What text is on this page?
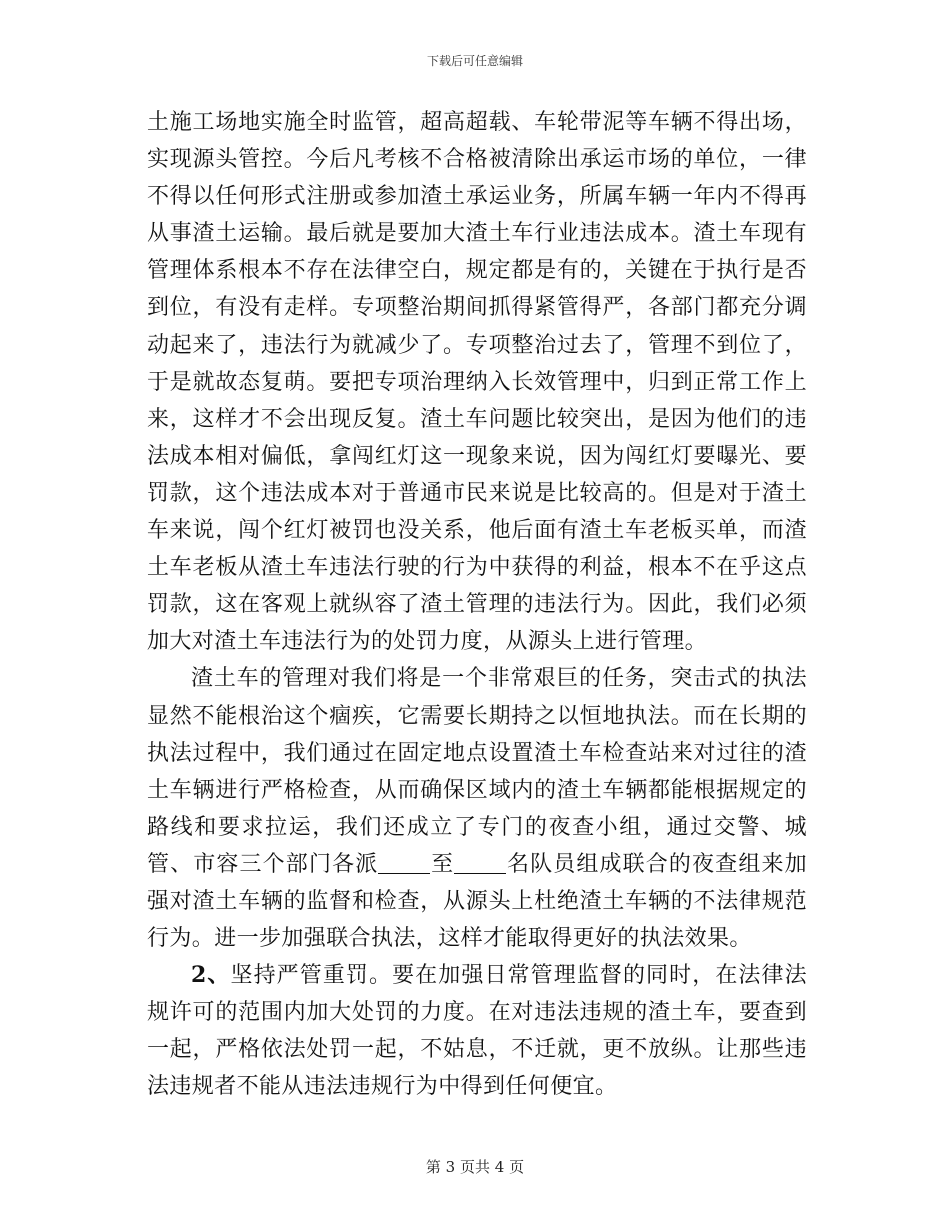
下载后可任意编辑

土施工场地实施全时监管，超高超载、车轮带泥等车辆不得出场，实现源头管控。今后凡考核不合格被清除出承运市场的单位，一律不得以任何形式注册或参加渣土承运业务，所属车辆一年内不得再从事渣土运输。最后就是要加大渣土车行业违法成本。渣土车现有管理体系根本不存在法律空白，规定都是有的，关键在于执行是否到位，有没有走样。专项整治期间抓得紧管得严，各部门都充分调动起来了，违法行为就减少了。专项整治过去了，管理不到位了，于是就故态复萌。要把专项治理纳入长效管理中，归到正常工作上来，这样才不会出现反复。渣土车问题比较突出，是因为他们的违法成本相对偏低，拿闯红灯这一现象来说，因为闯红灯要曝光、要罚款，这个违法成本对于普通市民来说是比较高的。但是对于渣土车来说，闯个红灯被罚也没关系，他后面有渣土车老板买单，而渣土车老板从渣土车违法行驶的行为中获得的利益，根本不在乎这点罚款，这在客观上就纵容了渣土管理的违法行为。因此，我们必须加大对渣土车违法行为的处罚力度，从源头上进行管理。

渣土车的管理对我们将是一个非常艰巨的任务，突击式的执法显然不能根治这个痼疾，它需要长期持之以恒地执法。而在长期的执法过程中，我们通过在固定地点设置渣土车检查站来对过往的渣土车辆进行严格检查，从而确保区域内的渣土车辆都能根据规定的路线和要求拉运，我们还成立了专门的夜查小组，通过交警、城管、市容三个部门各派 至 名队员组成联合的夜查组来加强对渣土车辆的监督和检查，从源头上杜绝渣土车辆的不法律规范行为。进一步加强联合执法，这样才能取得更好的执法效果。

2、坚持严管重罚。要在加强日常管理监督的同时，在法律法规许可的范围内加大处罚的力度。在对违法违规的渣土车，要查到一起，严格依法处罚一起，不姑息，不迁就，更不放纵。让那些违法违规者不能从违法违规行为中得到任何便宜。

第 3 页共 4 页
